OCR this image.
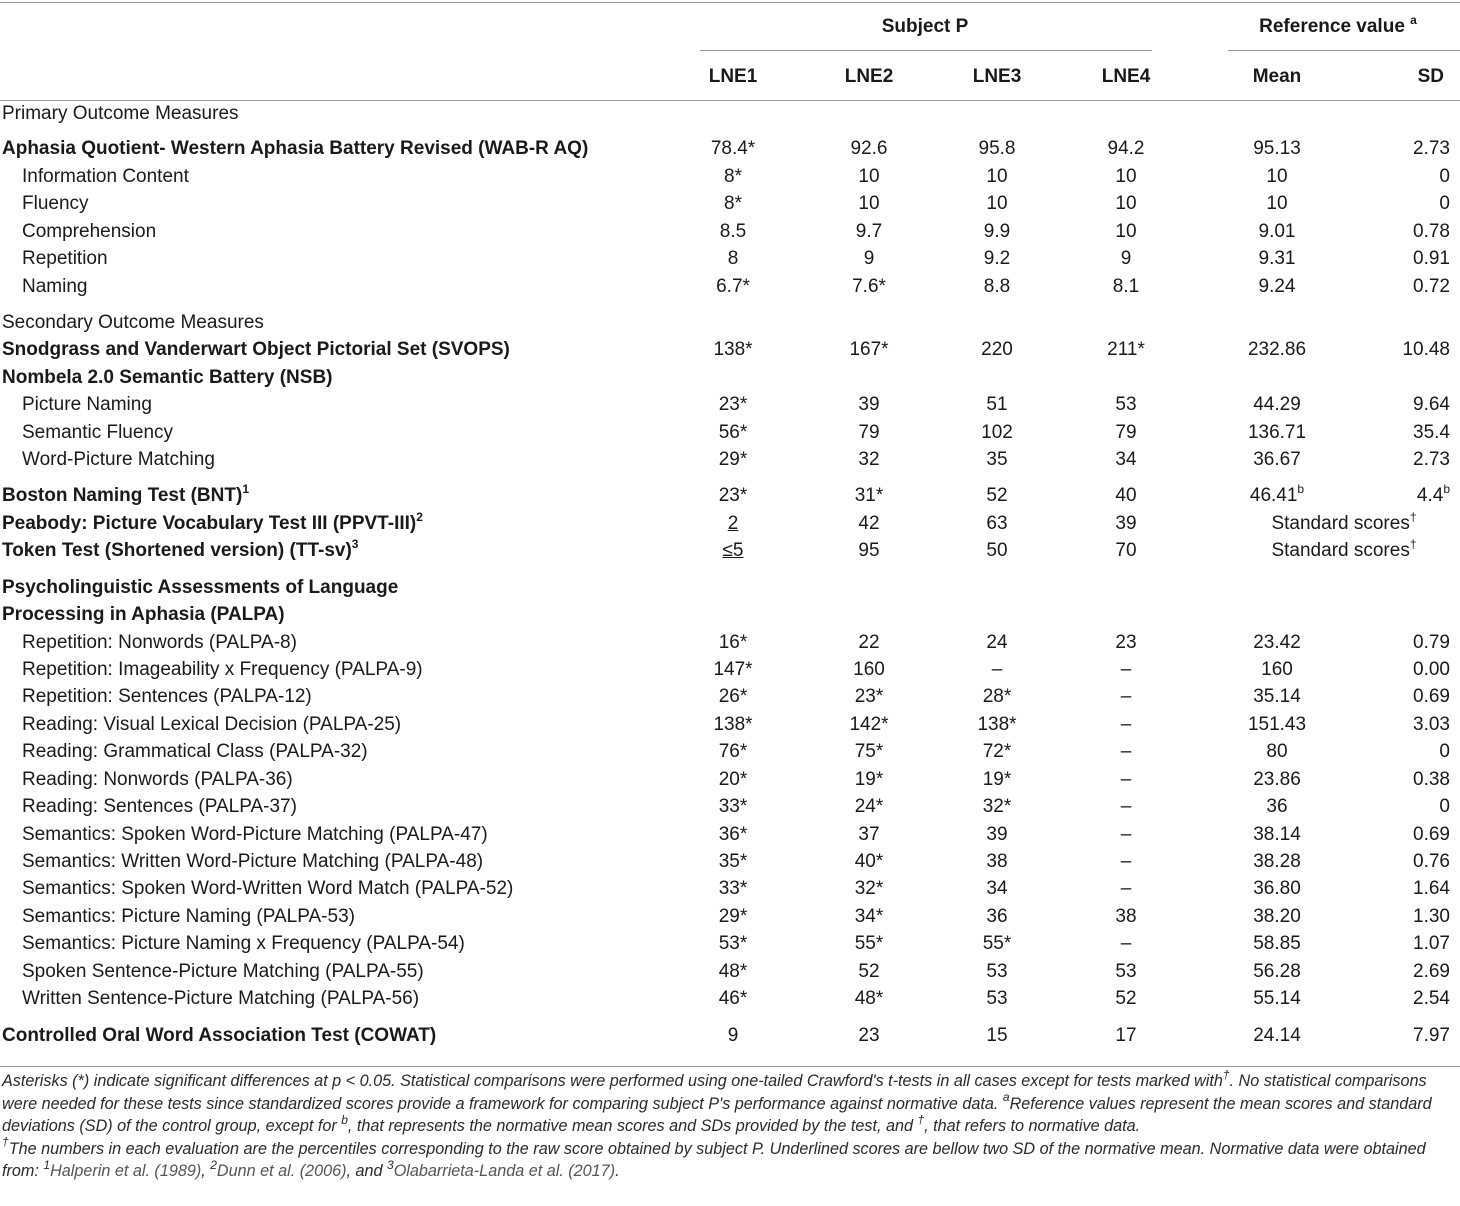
Subject P	Reference value $^a$
LNE1	LNE2	LNE3	LNE4	Mean	SD
Primary Outcome Measures
Aphasia Quotient- Western Aphasia Battery Revised (WAB-R AQ)	78.4*	92.6	95.8	94.2	95.13	2.73
Information Content	8*	10	10	10	10	0
Fluency	8*	10	10	10	10	0
Comprehension	8.5	9.7	9.9	10	9.01	0.78
Repetition	8	9	9.2	9	9.31	0.91
Naming	6.7*	7.6*	8.8	8.1	9.24	0.72
Secondary Outcome Measures
Snodgrass and Vanderwart Object Pictorial Set (SVOPS)	138*	167*	220	211*	232.86	10.48
Nombela 2.0 Semantic Battery (NSB)
Picture Naming	23*	39	51	53	44.29	9.64
Semantic Fluency	56*	79	102	79	136.71	35.4
Word-Picture Matching	29*	32	35	34	36.67	2.73
Boston Naming Test (BNT)$^1$	23*	31*	52	40	46.41$^b$	4.4$^b$
Peabody: Picture Vocabulary Test III (PPVT-III)$^2$	2	42	63	39	Standard scores†
Token Test (Shortened version) $(TT-sv)^3$	≤5	95	50	70	Standard scores†
Psycholinguistic Assessments of Language
Processing in Aphasia (PALPA)
Repetition: Nonwords (PALPA-8)	16*	22	24	23	23.42	0.79
Repetition: Imageability x Frequency (PALPA-9)	147*	160	–	–	160	0.00
Repetition: Sentences (PALPA-12)	26*	23*	28*	–	35.14	0.69
Reading: Visual Lexical Decision (PALPA-25)	138*	142*	138*	–	151.43	3.03
Reading: Grammatical Class (PALPA-32)	76*	75*	72*	–	80	0
Reading: Nonwords (PALPA-36)	20*	19*	19*	–	23.86	0.38
Reading: Sentences (PALPA-37)	33*	24*	32*	–	36	0
Semantics: Spoken Word-Picture Matching (PALPA-47)	36*	37	39	–	38.14	0.69
Semantics: Written Word-Picture Matching (PALPA-48)	35*	40*	38	–	38.28	0.76
Semantics: Spoken Word-Written Word Match (PALPA-52)	33*	32*	34	–	36.80	1.64
Semantics: Picture Naming (PALPA-53)	29*	34*	36	38	38.20	1.30
Semantics: Picture Naming x Frequency (PALPA-54)	53*	55*	55*	–	58.85	1.07
Spoken Sentence-Picture Matching (PALPA-55)	48*	52	53	53	56.28	2.69
Written Sentence-Picture Matching (PALPA-56)	46*	48*	53	52	55.14	2.54
Controlled Oral Word Association Test (COWAT)	9	23	15	17	24.14	7.97
Asterisks (*) indicate significant differences at p < 0.05. Statistical comparisons were performed using one-tailed Crawford's t-tests in all cases except for tests marked with†. No statistical comparisons were needed for these tests since standardized scores provide a framework for comparing subject P's performance against normative data. $^a$Reference values represent the mean scores and standard deviations (SD) of the control group, except for $^b$, that represents the normative mean scores and SDs provided by the test, and †, that refers to normative data.
†The numbers in each evaluation are the percentiles corresponding to the raw score obtained by subject P. Underlined scores are bellow two SD of the normative mean. Normative data were obtained from: $^1$Halperin et al. (1989), $^2$Dunn et al. (2006), and $^3$Olabarrieta-Landa et al. (2017).
